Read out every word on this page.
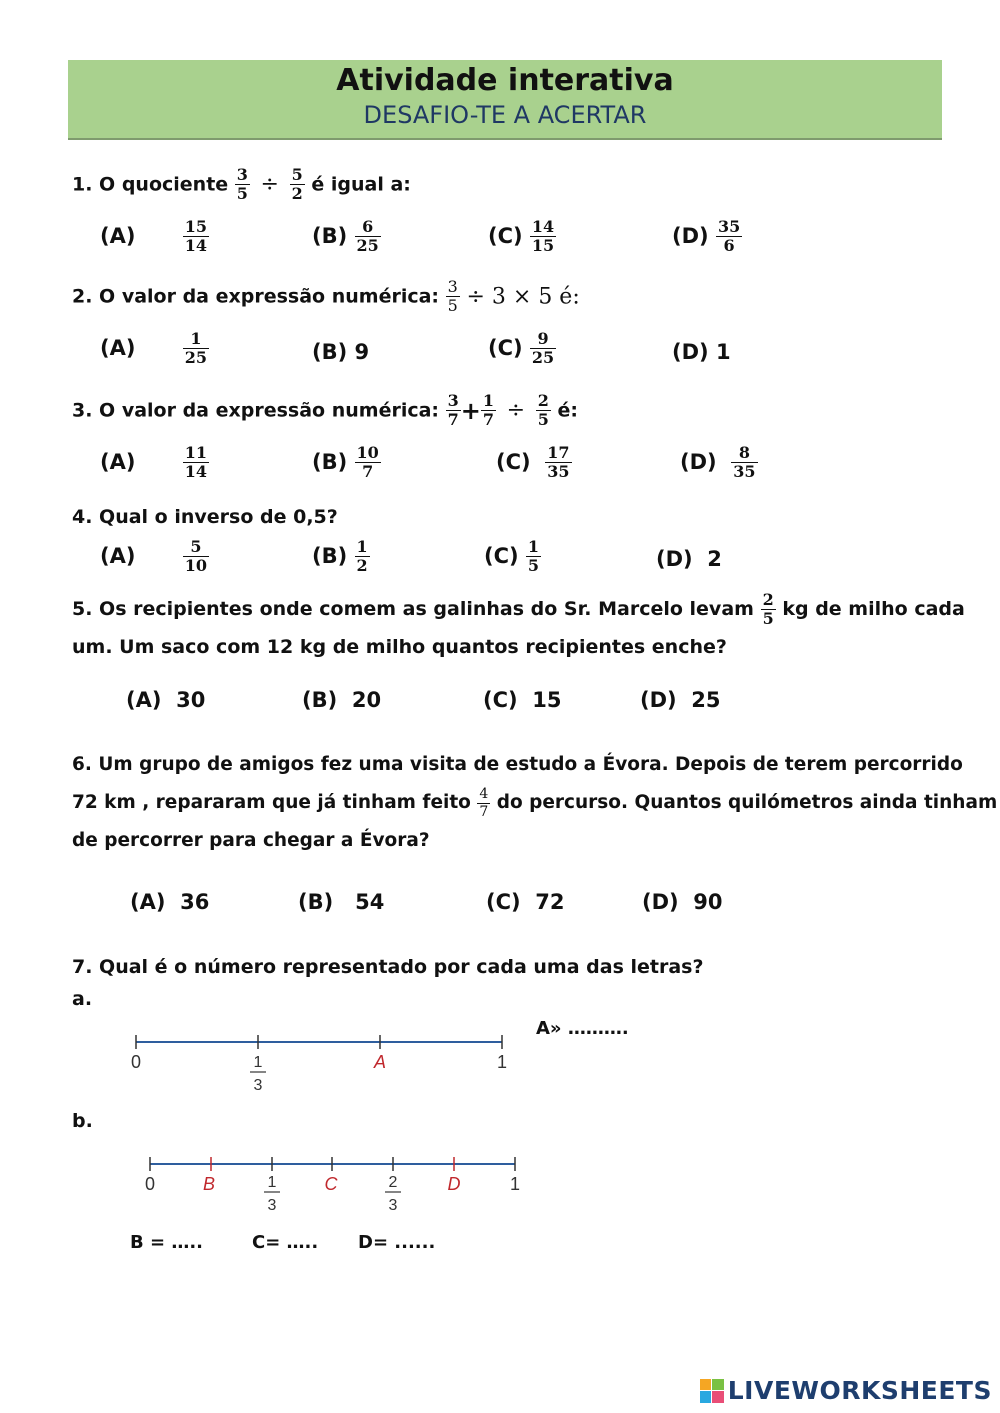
Atividade interativa
DESAFIO-TE A ACERTAR
1. O quociente $\frac{3}{5} \div \frac{5}{2}$ é igual a:
(A)	$\frac{15}{14}$	$(B) \frac{6}{25}$	$(C) \frac{14}{15}$	$(D) \frac{35}{6}$
2. O valor da expressão numérica: $\frac{3}{5} \div 3 \times 5$ é:
(A)	$\frac{1}{25}$	(B) 9	$(C) \frac{9}{25}$	(D) 1
3. O valor da expressão numérica: $\frac{3}{7} + \frac{1}{7} \div \frac{2}{5}$ é:
(A)	$\frac{11}{14}$	$(B) \frac{10}{7}$	$(C) \frac{17}{35}$	$(D) \frac{8}{35}$
4. Qual o inverso de 0,5?
(A)	$\frac{5}{10}$	$(B) \frac{1}{2}$	$(C) \frac{1}{5}$	(D) 2
5. Os recipientes onde comem as galinhas do Sr. Marcelo levam $\frac{2}{5}$ kg de milho cada
um. Um saco com 12 kg de milho quantos recipientes enche?
(A) 30	(B) 20	(C) 15	(D) 25
6. Um grupo de amigos fez uma visita de estudo a Évora. Depois de terem percorrido
72 km , repararam que já tinham feito $\frac{4}{7}$ do percurso. Quantos quilómetros ainda tinham
de percorrer para chegar a Évora?
(A) 36	(B) 54	(C) 72	(D) 90
7. Qual é o número representado por cada uma das letras?
a.
A» ……….
0	1
3
A	1
b.
0	B	1
3
C	2
3
D	1
B = …..	C= ….. D= ......
LIVEWORKSHEETS
